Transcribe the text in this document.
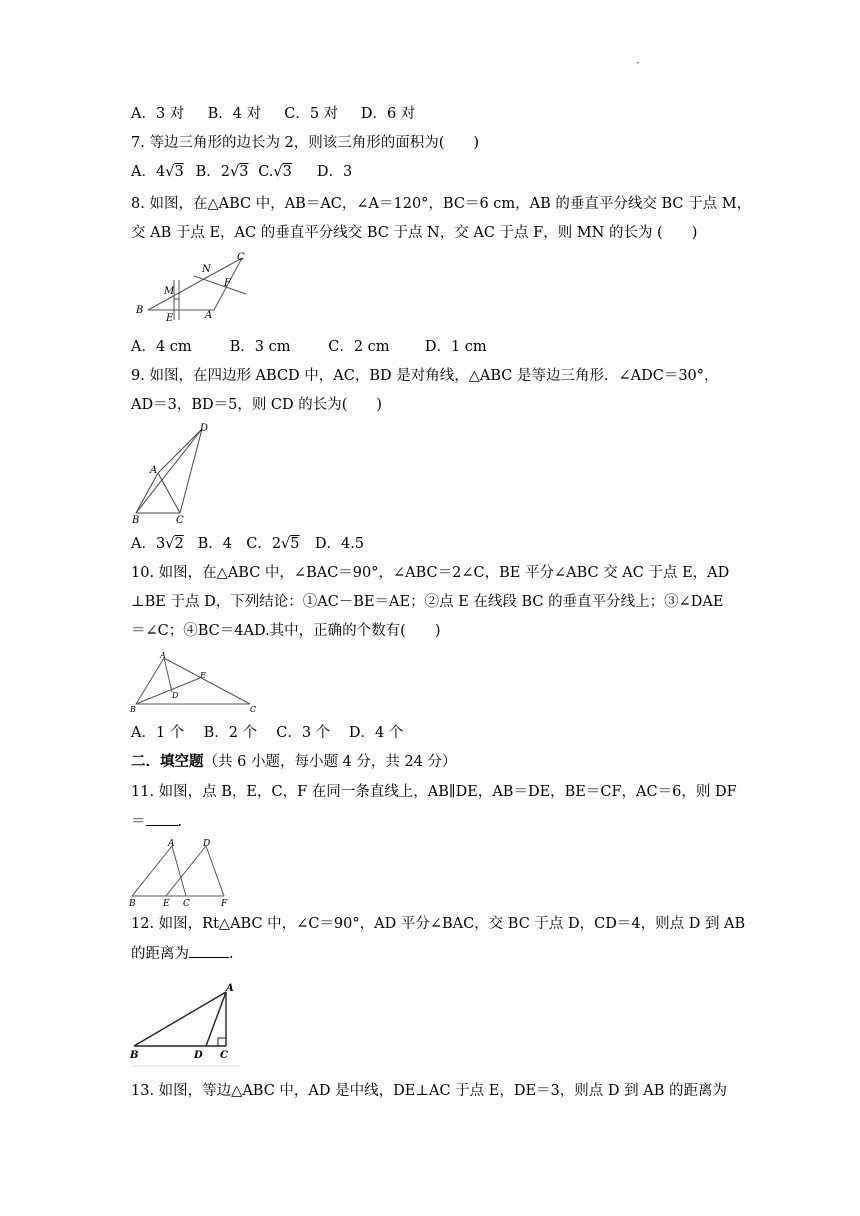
·
A．3 对 B．4 对 C．5 对 D．6 对
7. 等边三角形的边长为 2，则该三角形的面积为(　　)
A．4√3 B．2√3 C.√3 D．3
8. 如图，在△ABC 中，AB＝AC，∠A＝120°，BC＝6 cm，AB 的垂直平分线交 BC 于点 M，
交 AB 于点 E，AC 的垂直平分线交 BC 于点 N，交 AC 于点 F，则 MN 的长为 (　　)
B
E	A
M
N
F
C
A．4 cm	B．3 cm	C．2 cm D．1 cm
9. 如图，在四边形 ABCD 中，AC，BD 是对角线，△ABC 是等边三角形．∠ADC＝30°，
AD＝3，BD＝5，则 CD 的长为(　　)
A
B	C
D
A．3√2 B．4 C．2√5 D．4.5
10. 如图，在△ABC 中，∠BAC＝90°，∠ABC＝2∠C，BE 平分∠ABC 交 AC 于点 E，AD
⊥BE 于点 D，下列结论：①AC－BE＝AE；②点 E 在线段 BC 的垂直平分线上；③∠DAE
＝∠C；④BC＝4AD.其中，正确的个数有(　　)
A
B	C
D
E
A．1 个 B．2 个 C．3 个 D．4 个
二．填空题（共 6 小题，每小题 4 分，共 24 分）
11. 如图，点 B，E，C，F 在同一条直线上，AB∥DE，AB＝DE，BE＝CF，AC＝6，则 DF
＝ .
A	D
B	E C	F
12. 如图，Rt△ABC 中，∠C＝90°，AD 平分∠BAC，交 BC 于点 D，CD＝4，则点 D 到 AB
的距离为	.
A
B	D C
13. 如图，等边△ABC 中，AD 是中线，DE⊥AC 于点 E，DE＝3，则点 D 到 AB 的距离为
